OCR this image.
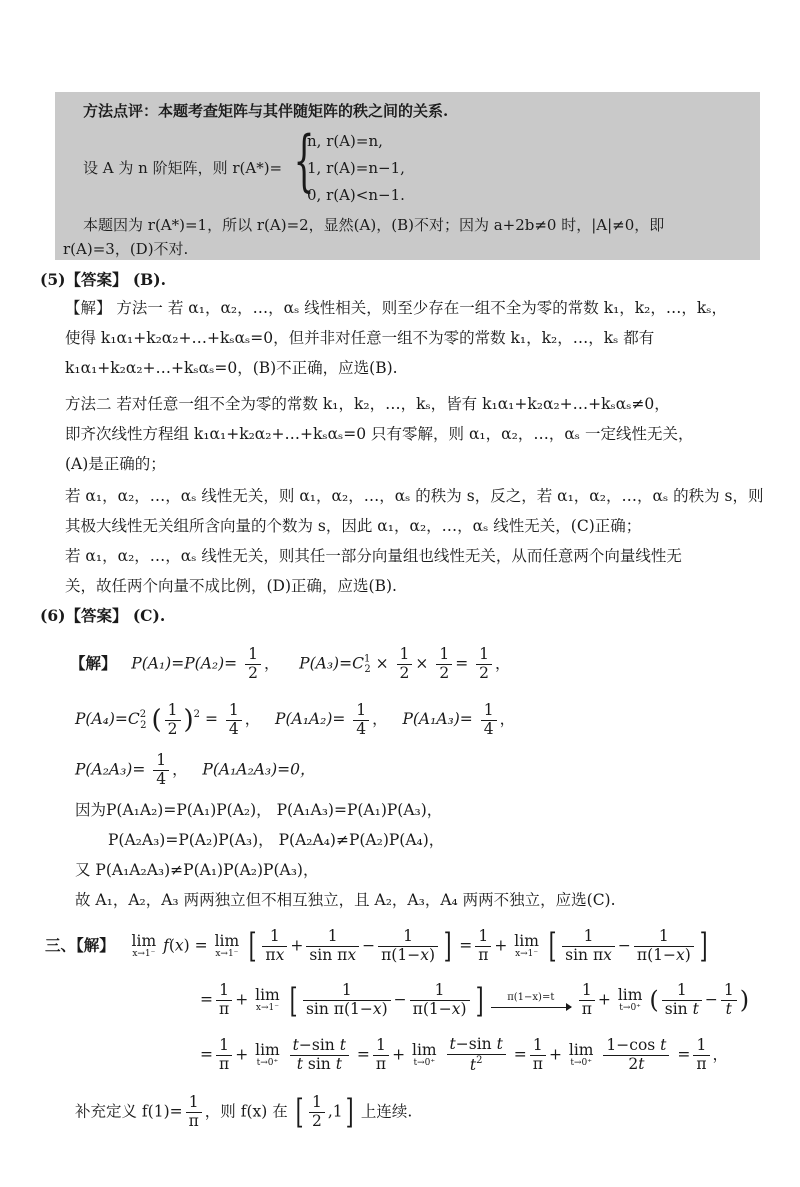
方法点评：本题考查矩阵与其伴随矩阵的秩之间的关系.
设 A 为 n 阶矩阵，则 r(A*)= {
n, r(A)=n,
1, r(A)=n−1,
0, r(A)<n−1.
本题因为 r(A*)=1，所以 r(A)=2，显然(A)，(B)不对；因为 a+2b≠0 时，|A|≠0，即
r(A)=3，(D)不对.
(5)【答案】 (B).
【解】 方法一 若 α₁，α₂，…，αₛ 线性相关，则至少存在一组不全为零的常数 k₁，k₂，…，kₛ，
使得 k₁α₁+k₂α₂+…+kₛαₛ=0，但并非对任意一组不为零的常数 k₁，k₂，…，kₛ 都有
k₁α₁+k₂α₂+…+kₛαₛ=0，(B)不正确，应选(B).
方法二 若对任意一组不全为零的常数 k₁，k₂，…，kₛ，皆有 k₁α₁+k₂α₂+…+kₛαₛ≠0，
即齐次线性方程组 k₁α₁+k₂α₂+…+kₛαₛ=0 只有零解，则 α₁，α₂，…，αₛ 一定线性无关，
(A)是正确的；
若 α₁，α₂，…，αₛ 线性无关，则 α₁，α₂，…，αₛ 的秩为 s，反之，若 α₁，α₂，…，αₛ 的秩为 s，则
其极大线性无关组所含向量的个数为 s，因此 α₁，α₂，…，αₛ 线性无关，(C)正确；
若 α₁，α₂，…，αₛ 线性无关，则其任一部分向量组也线性无关，从而任意两个向量线性无
关，故任两个向量不成比例，(D)正确，应选(B).
(6)【答案】 (C).
【解】 $P(A_1)=P(A_2)= \frac{1}{2}$ ，    $P(A_3)=C^1_2 \times \frac{1}{2} \times \frac{1}{2} = \frac{1}{2}$ ，
$P(A_4)=C^2_2$ ( $\frac{1}{2} )^2 = \frac{1}{4}$ ，   $P(A_1A_2)= \frac{1}{4}$ ，   $P(A_1A_3)= \frac{1}{4}$ ，
$P(A_2A_3)= \frac{1}{4}$ ，   P(A₁A₂A₃)=0，
因为P(A₁A₂)=P(A₁)P(A₂)， P(A₁A₃)=P(A₁)P(A₃)，
P(A₂A₃)=P(A₂)P(A₃)， P(A₂A₄)≠P(A₂)P(A₄)，
又 P(A₁A₂A₃)≠P(A₁)P(A₂)P(A₃)，
故 A₁，A₂，A₃ 两两独立但不相互独立，且 A₂，A₃，A₄ 两两不独立，应选(C).
三、【解】 lim
x→1⁻ f(x) = lim
x→1⁻ [ $\frac{1}{\pi x} + \frac{1}{\text{sin πx}} - \frac{1}{\pi(1-x)}$ ] = $\frac{1}{\pi} + \lim$
x→1⁻ [ $\frac{1}{\text{sin πx}} - \frac{1}{\pi(1-x)}$ ]
= $\frac{1}{\pi} + \lim$
x→1⁻ [ $\frac{1}{\text{sin π(1−x)}} - \frac{1}{\pi(1-x)}$ ] π(1−x)=t
$\frac{1}{\pi} + \lim$
t→0⁺ ( $\frac{1}{\text{sin t}} - \frac{1}{t}$ )
= $\frac{1}{\pi} + \lim$
t→0⁺
$\frac{\text{t−sin t}}{\text{t sin t}} = \frac{1}{\pi} + \lim$
t→0⁺
$\frac{\text{t−sin t}}{t^2} = \frac{1}{\pi} + \lim$
t→0⁺
$\frac{\text{1−cos t}}{2t} = \frac{1}{\pi}$ ，
补充定义 $f(1)= \frac{1}{\pi}$ ，则 f(x) 在 [ $\frac{1}{2} ,1$] 上连续.
